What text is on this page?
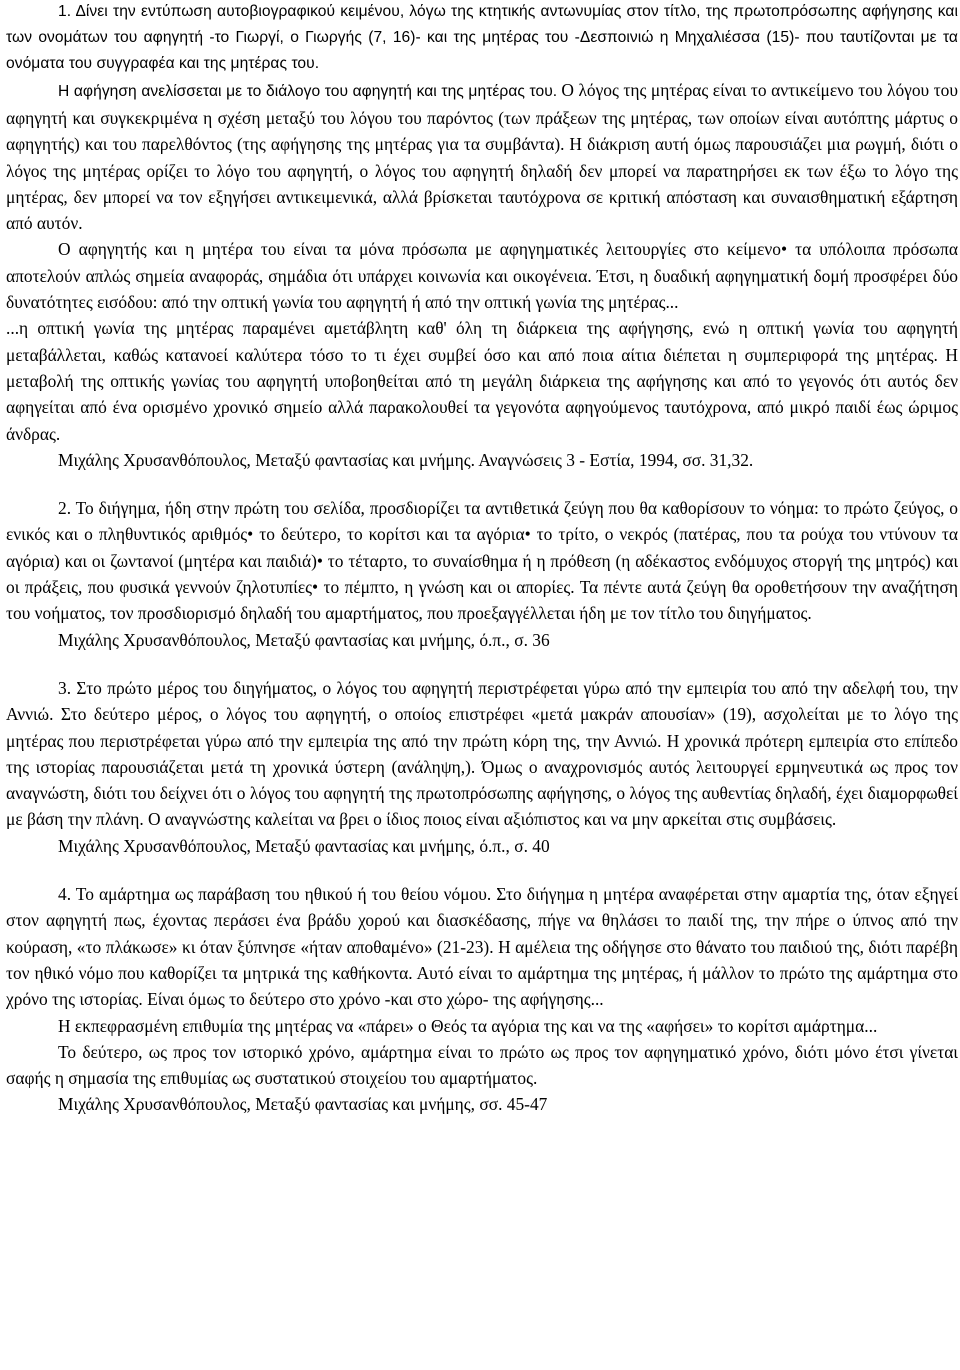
1. Δίνει την εντύπωση αυτοβιογραφικού κειμένου, λόγω της κτητικής αντωνυμίας στον τίτλο, της πρωτοπρόσωπης αφήγησης και των ονομάτων του αφηγητή -το Γιωργί, ο Γιωργής (7, 16)- και της μητέρας του -Δεσποινιώ η Μηχαλιέσσα (15)- που ταυτίζονται με τα ονόματα του συγγραφέα και της μητέρας του.

Η αφήγηση ανελίσσεται με το διάλογο του αφηγητή και της μητέρας του. Ο λόγος της μητέρας είναι το αντικείμενο του λόγου του αφηγητή και συγκεκριμένα η σχέση μεταξύ του λόγου του παρόντος (των πράξεων της μητέρας, των οποίων είναι αυτόπτης μάρτυς ο αφηγητής) και του παρελθόντος (της αφήγησης της μητέρας για τα συμβάντα). Η διάκριση αυτή όμως παρουσιάζει μια ρωγμή, διότι ο λόγος της μητέρας ορίζει το λόγο του αφηγητή, ο λόγος του αφηγητή δηλαδή δεν μπορεί να παρατηρήσει εκ των έξω το λόγο της μητέρας, δεν μπορεί να τον εξηγήσει αντικειμενικά, αλλά βρίσκεται ταυτόχρονα σε κριτική απόσταση και συναισθηματική εξάρτηση από αυτόν.

Ο αφηγητής και η μητέρα του είναι τα μόνα πρόσωπα με αφηγηματικές λειτουργίες στο κείμενο• τα υπόλοιπα πρόσωπα αποτελούν απλώς σημεία αναφοράς, σημάδια ότι υπάρχει κοινωνία και οικογένεια. Έτσι, η δυαδική αφηγηματική δομή προσφέρει δύο δυνατότητες εισόδου: από την οπτική γωνία του αφηγητή ή από την οπτική γωνία της μητέρας...

...η οπτική γωνία της μητέρας παραμένει αμετάβλητη καθ' όλη τη διάρκεια της αφήγησης, ενώ η οπτική γωνία του αφηγητή μεταβάλλεται, καθώς κατανοεί καλύτερα τόσο το τι έχει συμβεί όσο και από ποια αίτια διέπεται η συμπεριφορά της μητέρας. Η μεταβολή της οπτικής γωνίας του αφηγητή υποβοηθείται από τη μεγάλη διάρκεια της αφήγησης και από το γεγονός ότι αυτός δεν αφηγείται από ένα ορισμένο χρονικό σημείο αλλά παρακολουθεί τα γεγονότα αφηγούμενος ταυτόχρονα, από μικρό παιδί έως ώριμος άνδρας.

Μιχάλης Χρυσανθόπουλος, Μεταξύ φαντασίας και μνήμης. Αναγνώσεις 3 - Εστία, 1994, σσ. 31,32.

2. Το διήγημα, ήδη στην πρώτη του σελίδα, προσδιορίζει τα αντιθετικά ζεύγη που θα καθορίσουν το νόημα: το πρώτο ζεύγος, ο ενικός και ο πληθυντικός αριθμός• το δεύτερο, το κορίτσι και τα αγόρια• το τρίτο, ο νεκρός (πατέρας, που τα ρούχα του ντύνουν τα αγόρια) και οι ζωντανοί (μητέρα και παιδιά)• το τέταρτο, το συναίσθημα ή η πρόθεση (η αδέκαστος ενδόμυχος στοργή της μητρός) και οι πράξεις, που φυσικά γεννούν ζηλοτυπίες• το πέμπτο, η γνώση και οι απορίες. Τα πέντε αυτά ζεύγη θα οροθετήσουν την αναζήτηση του νοήματος, τον προσδιορισμό δηλαδή του αμαρτήματος, που προεξαγγέλλεται ήδη με τον τίτλο του διηγήματος.

Μιχάλης Χρυσανθόπουλος, Μεταξύ φαντασίας και μνήμης, ό.π., σ. 36

3. Στο πρώτο μέρος του διηγήματος, ο λόγος του αφηγητή περιστρέφεται γύρω από την εμπειρία του από την αδελφή του, την Αννιώ. Στο δεύτερο μέρος, ο λόγος του αφηγητή, ο οποίος επιστρέφει «μετά μακράν απουσίαν» (19), ασχολείται με το λόγο της μητέρας που περιστρέφεται γύρω από την εμπειρία της από την πρώτη κόρη της, την Αννιώ. Η χρονικά πρότερη εμπειρία στο επίπεδο της ιστορίας παρουσιάζεται μετά τη χρονικά ύστερη (ανάληψη,). Όμως ο αναχρονισμός αυτός λειτουργεί ερμηνευτικά ως προς τον αναγνώστη, διότι του δείχνει ότι ο λόγος του αφηγητή της πρωτοπρόσωπης αφήγησης, ο λόγος της αυθεντίας δηλαδή, έχει διαμορφωθεί με βάση την πλάνη. Ο αναγνώστης καλείται να βρει ο ίδιος ποιος είναι αξιόπιστος και να μην αρκείται στις συμβάσεις.

Μιχάλης Χρυσανθόπουλος, Μεταξύ φαντασίας και μνήμης, ό.π., σ. 40

4. Το αμάρτημα ως παράβαση του ηθικού ή του θείου νόμου. Στο διήγημα η μητέρα αναφέρεται στην αμαρτία της, όταν εξηγεί στον αφηγητή πως, έχοντας περάσει ένα βράδυ χορού και διασκέδασης, πήγε να θηλάσει το παιδί της, την πήρε ο ύπνος από την κούραση, «το πλάκωσε» κι όταν ξύπνησε «ήταν αποθαμένο» (21-23). Η αμέλεια της οδήγησε στο θάνατο του παιδιού της, διότι παρέβη τον ηθικό νόμο που καθορίζει τα μητρικά της καθήκοντα. Αυτό είναι το αμάρτημα της μητέρας, ή μάλλον το πρώτο της αμάρτημα στο χρόνο της ιστορίας. Είναι όμως το δεύτερο στο χρόνο -και στο χώρο- της αφήγησης...

Η εκπεφρασμένη επιθυμία της μητέρας να «πάρει» ο Θεός τα αγόρια της και να της «αφήσει» το κορίτσι αμάρτημα...

Το δεύτερο, ως προς τον ιστορικό χρόνο, αμάρτημα είναι το πρώτο ως προς τον αφηγηματικό χρόνο, διότι μόνο έτσι γίνεται σαφής η σημασία της επιθυμίας ως συστατικού στοιχείου του αμαρτήματος.

Μιχάλης Χρυσανθόπουλος, Μεταξύ φαντασίας και μνήμης, σσ. 45-47
